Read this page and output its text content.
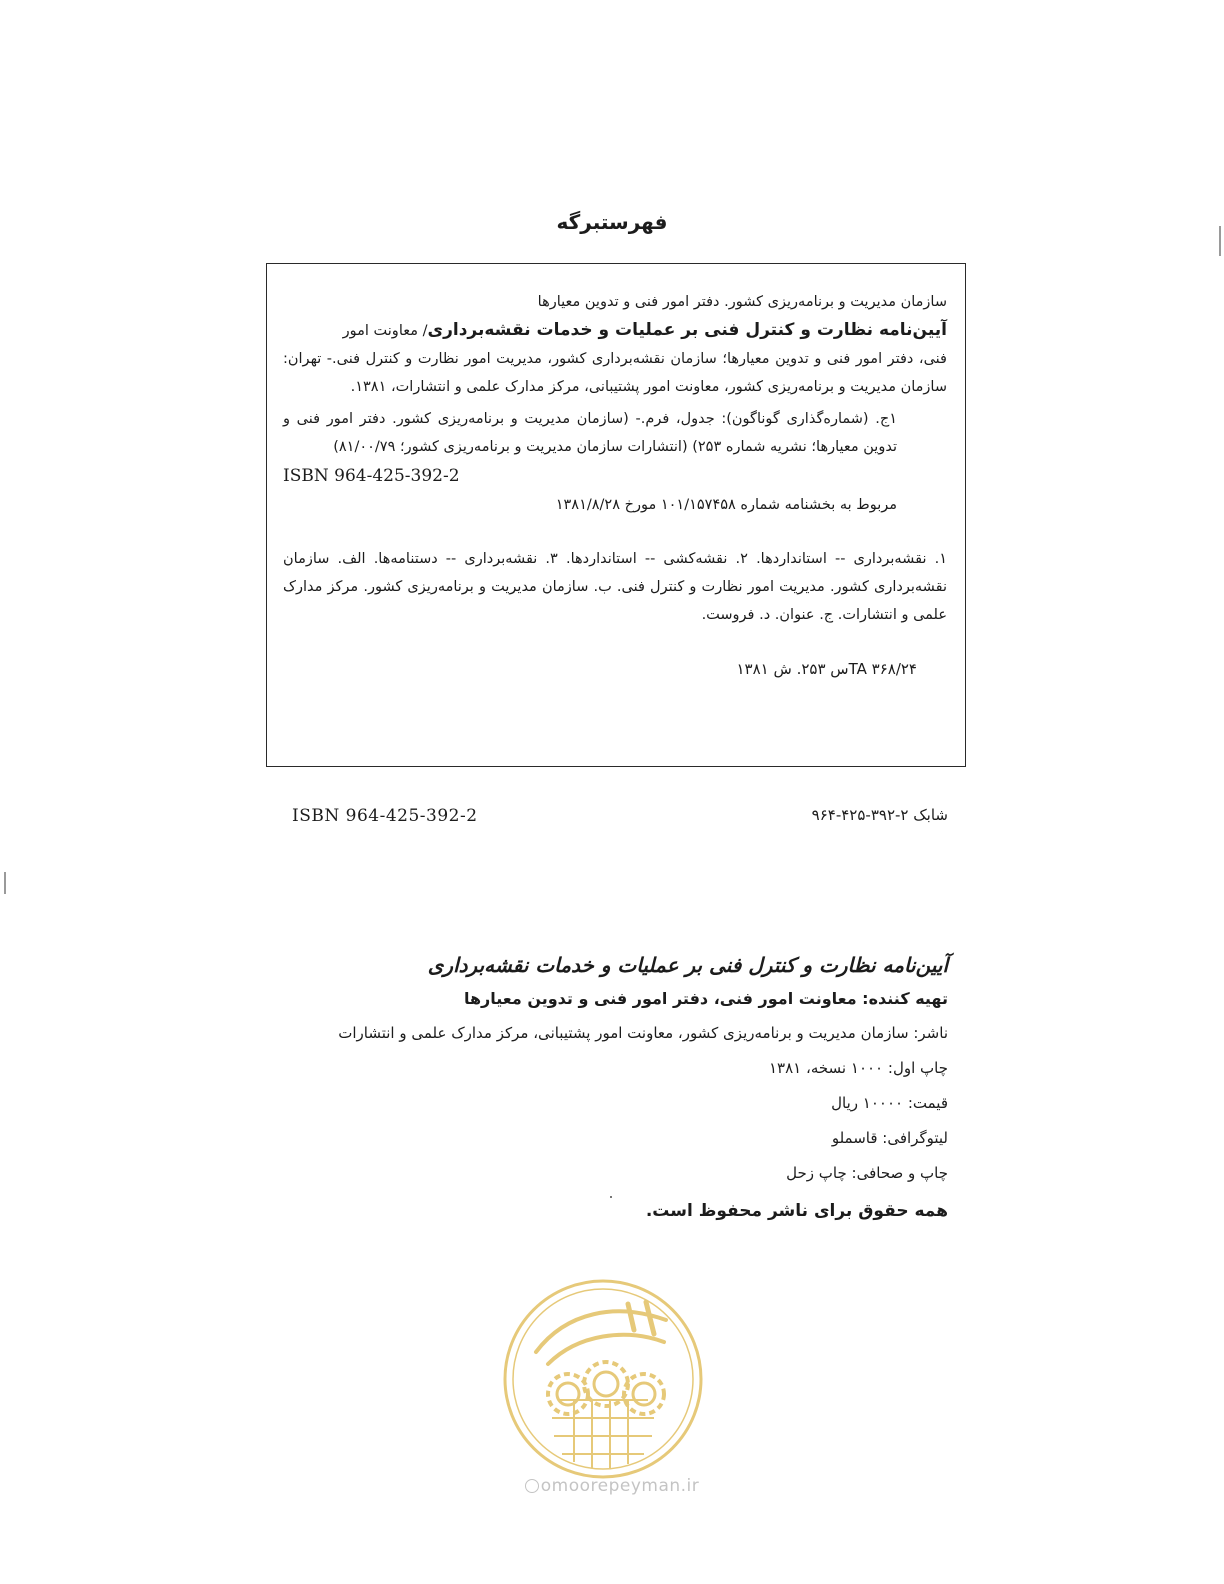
فهرستبرگه

سازمان مدیریت و برنامه‌ریزی کشور. دفتر امور فنی و تدوین معیارها

آیین‌نامه نظارت و کنترل فنی بر عملیات و خدمات نقشه‌برداری/ معاونت امور

فنی، دفتر امور فنی و تدوین معیارها؛ سازمان نقشه‌برداری کشور، مدیریت امور نظارت و کنترل فنی.- تهران: سازمان مدیریت و برنامه‌ریزی کشور، معاونت امور پشتیبانی، مرکز مدارک علمی و انتشارات، ۱۳۸۱.

۱ج. (شماره‌گذاری گوناگون): جدول، فرم.- (سازمان مدیریت و برنامه‌ریزی کشور. دفتر امور فنی و تدوین معیارها؛ نشریه شماره ۲۵۳) (انتشارات سازمان مدیریت و برنامه‌ریزی کشور؛ ۸۱/۰۰/۷۹)

ISBN 964-425-392-2

مربوط به بخشنامه شماره ۱۰۱/۱۵۷۴۵۸ مورخ ۱۳۸۱/۸/۲۸

۱. نقشه‌برداری -- استانداردها. ۲. نقشه‌کشی -- استانداردها. ۳. نقشه‌برداری -- دستنامه‌ها. الف. سازمان نقشه‌برداری کشور. مدیریت امور نظارت و کنترل فنی. ب. سازمان مدیریت و برنامه‌ریزی کشور. مرکز مدارک علمی و انتشارات. ج. عنوان. د. فروست.

TA ۳۶۸/۲۴س ۲۵۳. ش ۱۳۸۱

ISBN 964-425-392-2	شابک ۲-۳۹۲-۴۲۵-۹۶۴
آیین‌نامه نظارت و کنترل فنی بر عملیات و خدمات نقشه‌برداری
تهیه کننده: معاونت امور فنی، دفتر امور فنی و تدوین معیارها
ناشر: سازمان مدیریت و برنامه‌ریزی کشور، معاونت امور پشتیبانی، مرکز مدارک علمی و انتشارات
چاپ اول: ۱۰۰۰ نسخه، ۱۳۸۱
قیمت: ۱۰۰۰۰ ریال
لیتوگرافی: قاسملو
چاپ و صحافی: چاپ زحل
همه حقوق برای ناشر محفوظ است.
omoorepeyman.ir
